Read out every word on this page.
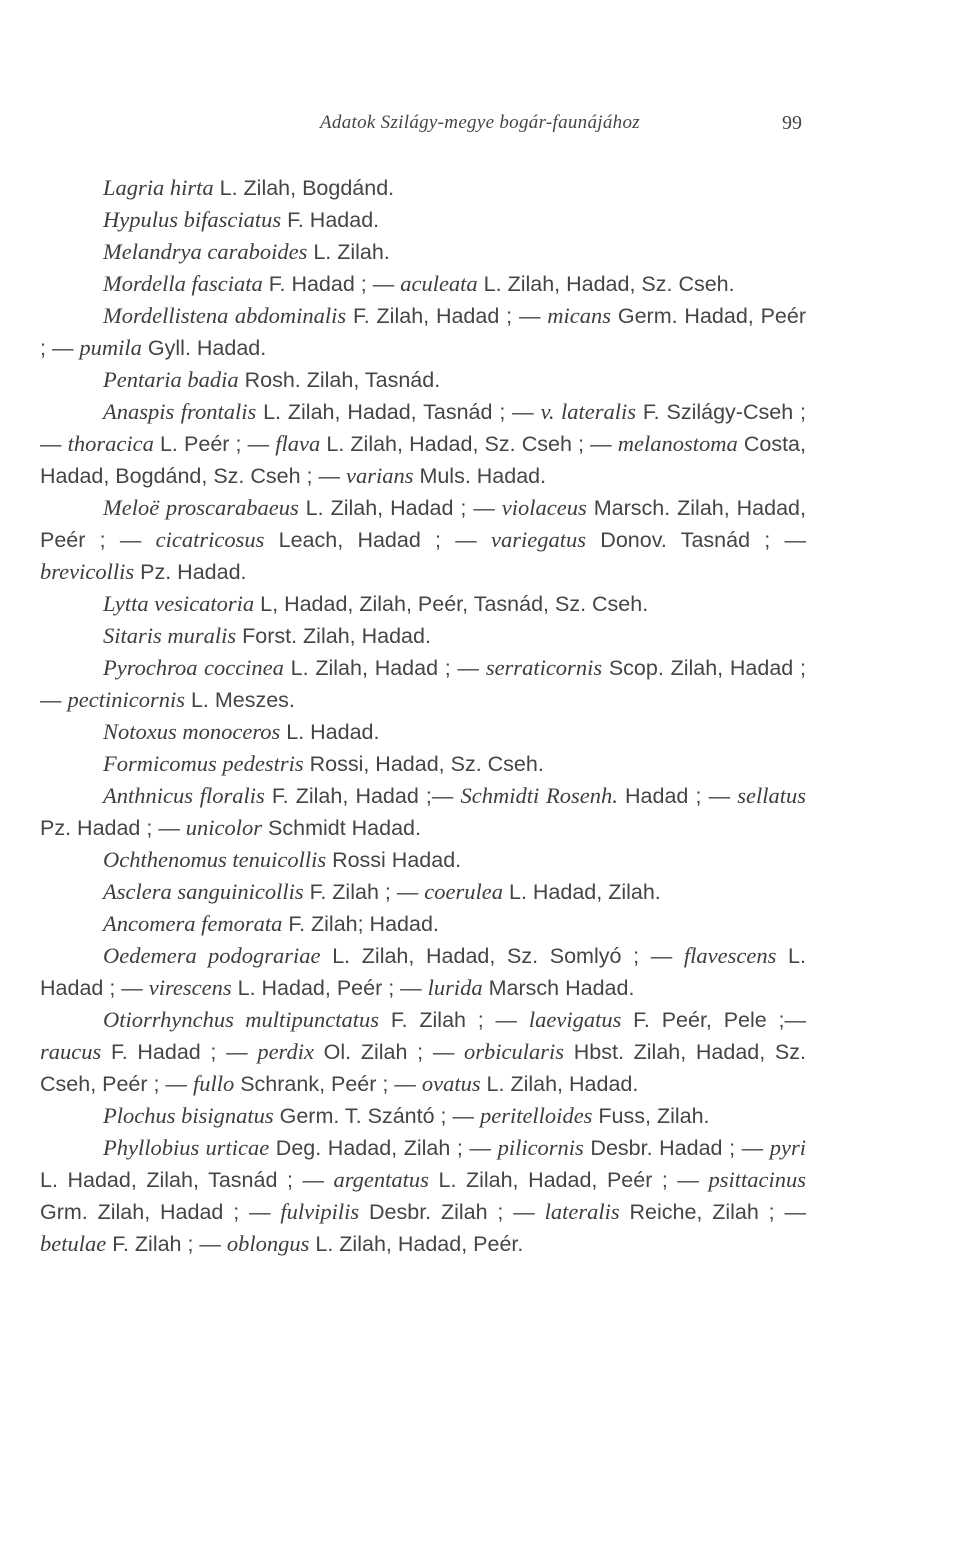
Adatok Szilágy-megye bogár-faunájához	99

Lagria hirta L. Zilah, Bogdánd.

Hypulus bifasciatus F. Hadad.

Melandrya caraboides L. Zilah.

Mordella fasciata F. Hadad ; — aculeata L. Zilah, Hadad, Sz. Cseh.

Mordellistena abdominalis F. Zilah, Hadad ; — micans Germ. Hadad, Peér ; — pumila Gyll. Hadad.

Pentaria badia Rosh. Zilah, Tasnád.

Anaspis frontalis L. Zilah, Hadad, Tasnád ; — v. lateralis F. Szilágy-Cseh ; — thoracica L. Peér ; — flava L. Zilah, Hadad, Sz. Cseh ; — melanostoma Costa, Hadad, Bogdánd, Sz. Cseh ; — varians Muls. Hadad.

Meloë proscarabaeus L. Zilah, Hadad ; — violaceus Marsch. Zilah, Hadad, Peér ; — cicatricosus Leach, Hadad ; — variegatus Donov. Tasnád ; — brevicollis Pz. Hadad.

Lytta vesicatoria L, Hadad, Zilah, Peér, Tasnád, Sz. Cseh.

Sitaris muralis Forst. Zilah, Hadad.

Pyrochroa coccinea L. Zilah, Hadad ; — serraticornis Scop. Zilah, Hadad ; — pectinicornis L. Meszes.

Notoxus monoceros L. Hadad.

Formicomus pedestris Rossi, Hadad, Sz. Cseh.

Anthnicus floralis F. Zilah, Hadad ;— Schmidti Rosenh. Hadad ; — sellatus Pz. Hadad ; — unicolor Schmidt Hadad.

Ochthenomus tenuicollis Rossi Hadad.

Asclera sanguinicollis F. Zilah ; — coerulea L. Hadad, Zilah.

Ancomera femorata F. Zilah; Hadad.

Oedemera podograriae L. Zilah, Hadad, Sz. Somlyó ; — flavescens L. Hadad ; — virescens L. Hadad, Peér ; — lurida Marsch Hadad.

Otiorrhynchus multipunctatus F. Zilah ; — laevigatus F. Peér, Pele ;— raucus F. Hadad ; — perdix Ol. Zilah ; — orbicularis Hbst. Zilah, Hadad, Sz. Cseh, Peér ; — fullo Schrank, Peér ; — ovatus L. Zilah, Hadad.

Plochus bisignatus Germ. T. Szántó ; — peritelloides Fuss, Zilah.

Phyllobius urticae Deg. Hadad, Zilah ; — pilicornis Desbr. Hadad ; — pyri L. Hadad, Zilah, Tasnád ; — argentatus L. Zilah, Hadad, Peér ; — psittacinus Grm. Zilah, Hadad ; — fulvipilis Desbr. Zilah ; — lateralis Reiche, Zilah ; — betulae F. Zilah ; — oblongus L. Zilah, Hadad, Peér.
